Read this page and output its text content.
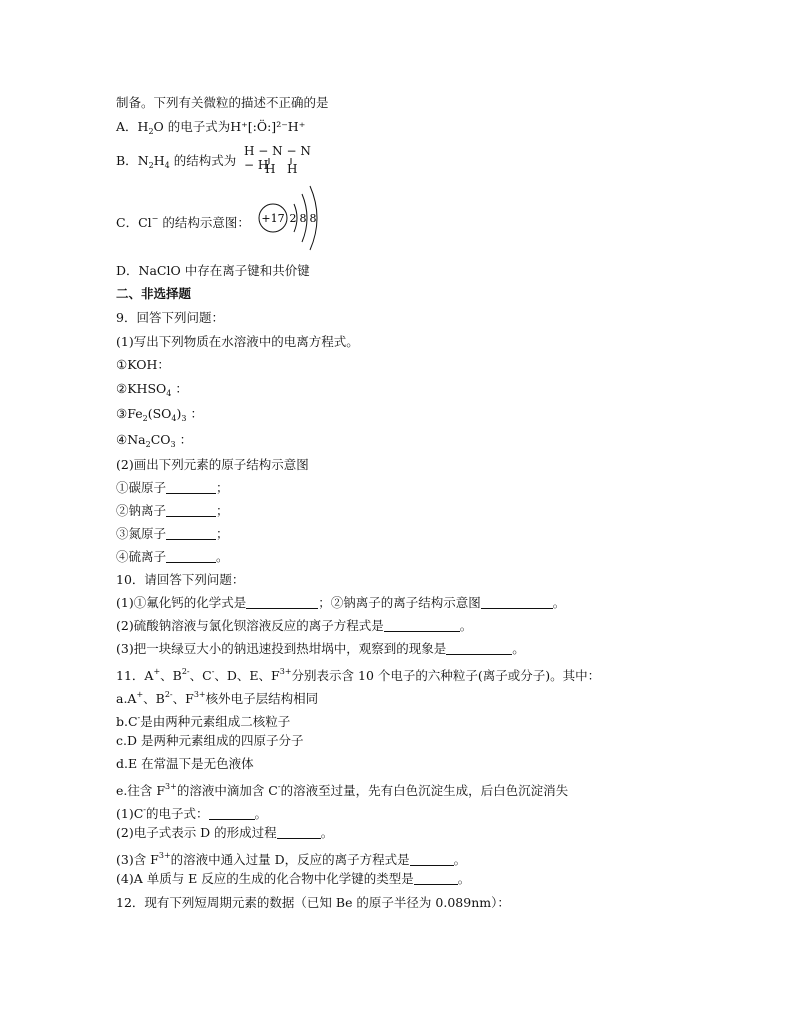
制备。下列有关微粒的描述不正确的是
A．$H_2O$ 的电子式为H⁺[:Ö:]²⁻H⁺
B．$N_2H_4$ 的结构式为
H − N − N − H
H H
C．Cl− 的结构示意图： +17 2 8 8
D．NaClO 中存在离子键和共价键
二、非选择题
9．回答下列问题：
(1)写出下列物质在水溶液中的电离方程式。
①KOH：
$②KHSO_4$ ：
$③Fe_2(SO_4)_3$ ：
$④Na_2CO_3$ ：
(2)画出下列元素的原子结构示意图
①碳原子	；
②钠离子	；
③氮原子	；
④硫离子	。
10．请回答下列问题：
(1)①氟化钙的化学式是	；②钠离子的离子结构示意图	。
(2)硫酸钠溶液与氯化钡溶液反应的离子方程式是	。
(3)把一块绿豆大小的钠迅速投到热坩埚中，观察到的现象是	。
11．A+、$B^{2-}$、C-、D、E、$F^{3+}$分别表示含 10 个电子的六种粒子(离子或分子)。其中：
a.A+、$B^{2-}$、$F^{3+}$核外电子层结构相同
b.C-是由两种元素组成二核粒子
c.D 是两种元素组成的四原子分子
d.E 在常温下是无色液体
e.往含 $F^{3+}$的溶液中滴加含 C-的溶液至过量，先有白色沉淀生成，后白色沉淀消失
(1)C-的电子式：	。
(2)电子式表示 D 的形成过程	。
(3)含 $F^{3+}$的溶液中通入过量 D，反应的离子方程式是	。
(4)A 单质与 E 反应的生成的化合物中化学键的类型是	。
12．现有下列短周期元素的数据（已知 Be 的原子半径为 0.089nm）：
